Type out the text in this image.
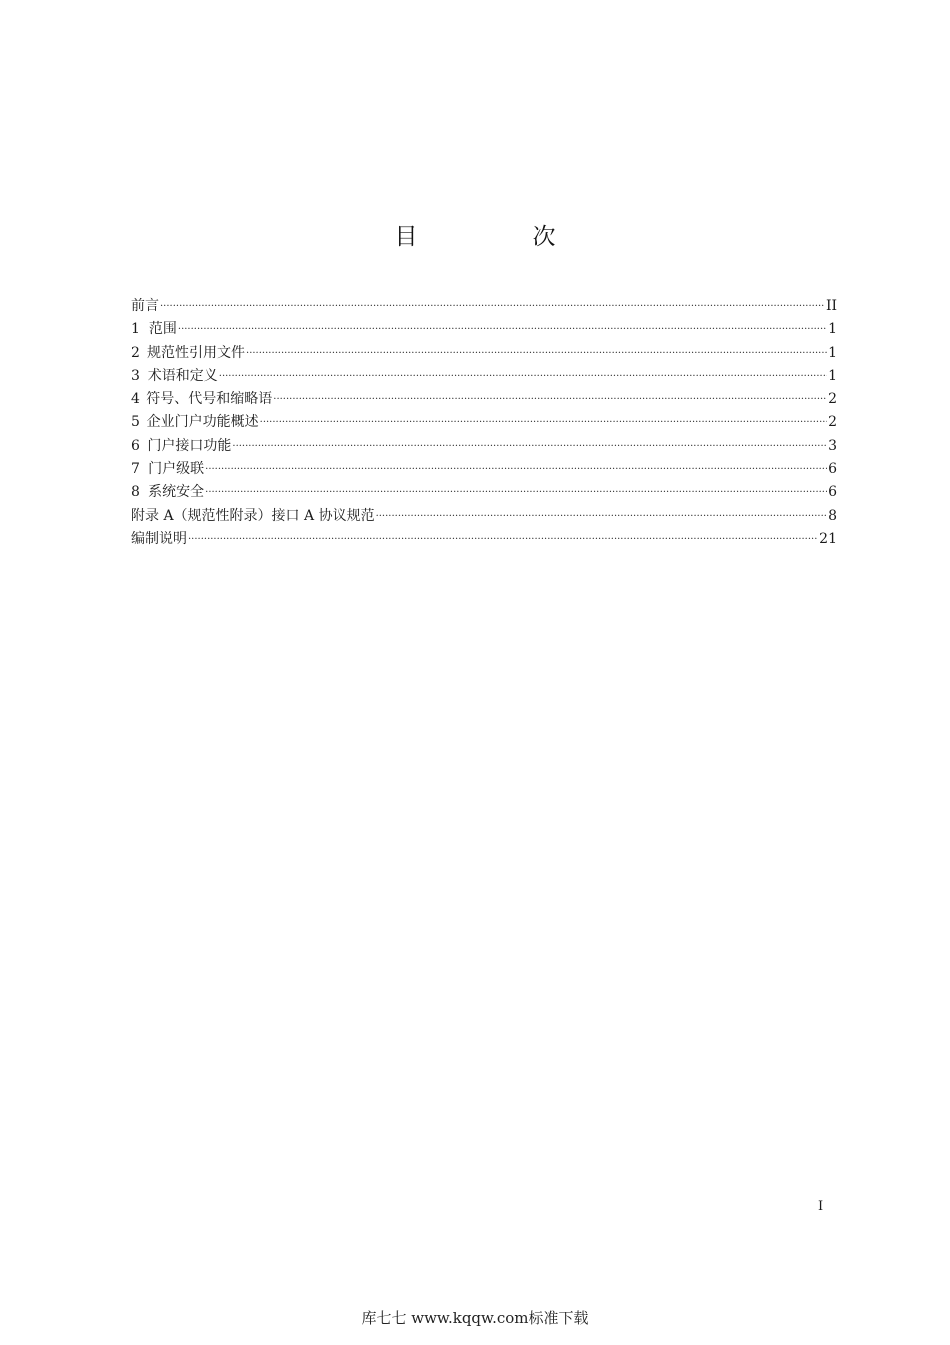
目　次
前言 ·····	II
1 范围 ·····	1
2 规范性引用文件 ·····	1
3 术语和定义 ·····	1
4 符号、代号和缩略语 ·····	2
5 企业门户功能概述 ·····	2
6 门户接口功能 ·····	3
7 门户级联 ·····	6
8 系统安全 ·····	6
附录 A（规范性附录）接口 A 协议规范 ·····	8
编制说明 ·····	21
I
库七七 www.kqqw.com标准下载
